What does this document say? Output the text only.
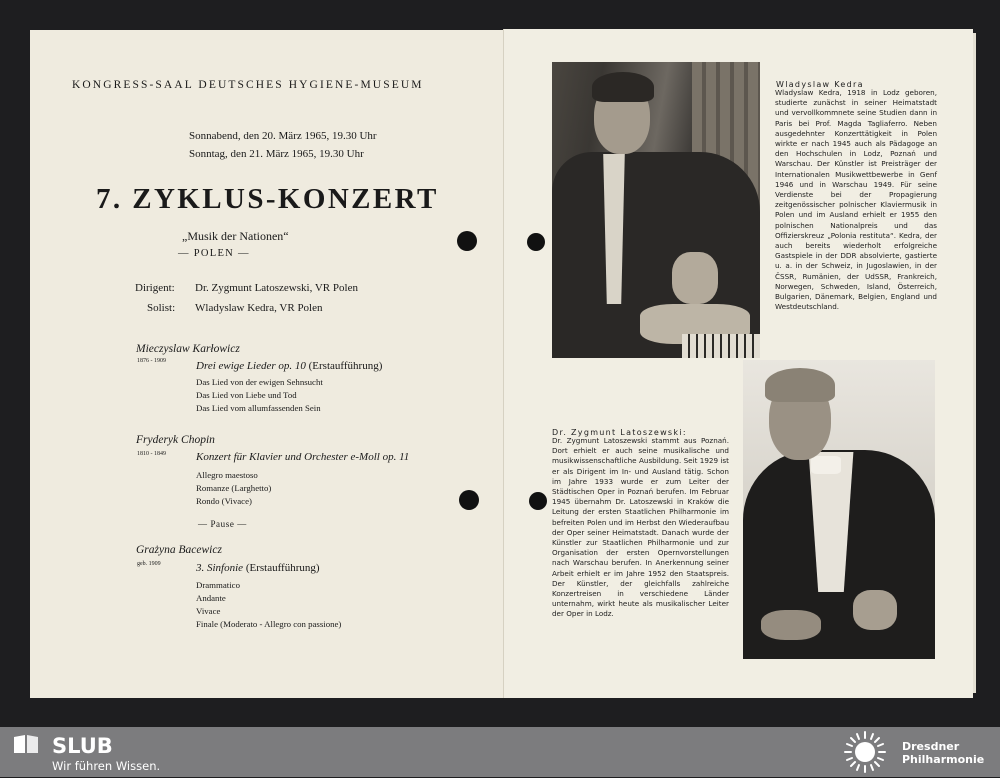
KONGRESS-SAAL DEUTSCHES HYGIENE-MUSEUM

Sonnabend, den 20. März 1965, 19.30 Uhr

Sonntag, den 21. März 1965, 19.30 Uhr

7. ZYKLUS-KONZERT

„Musik der Nationen“

— POLEN —

Dirigent: Dr. Zygmunt Latoszewski, VR Polen

Solist: Wladyslaw Kedra, VR Polen

Mieczyslaw Karłowicz

1876 - 1909	Drei ewige Lieder op. 10 (Erstaufführung)

Das Lied von der ewigen Sehnsucht

Das Lied von Liebe und Tod

Das Lied vom allumfassenden Sein

Fryderyk Chopin

1810 - 1849	Konzert für Klavier und Orchester e-Moll op. 11

Allegro maestoso

Romanze (Larghetto)

Rondo (Vivace)

— Pause —

Grażyna Bacewicz

geb. 1909	3. Sinfonie (Erstaufführung)

Drammatico

Andante

Vivace

Finale (Moderato - Allegro con passione)

Wladyslaw Kedra

Wladyslaw Kedra, 1918 in Lodz geboren, studierte zunächst in seiner Heimatstadt und vervollkommnete seine Studien dann in Paris bei Prof. Magda Tagliaferro. Neben ausgedehnter Konzerttätigkeit in Polen wirkte er nach 1945 auch als Pädagoge an den Hochschulen in Lodz, Poznań und Warschau. Der Künstler ist Preisträger der Internationalen Musikwettbewerbe in Genf 1946 und in Warschau 1949. Für seine Verdienste bei der Propagierung zeitgenössischer polnischer Klaviermusik in Polen und im Ausland erhielt er 1955 den polnischen Nationalpreis und das Offizierskreuz „Polonia restituta“. Kedra, der auch bereits wiederholt erfolgreiche Gastspiele in der DDR absolvierte, gastierte u. a. in der Schweiz, in Jugoslawien, in der ČSSR, Rumänien, der UdSSR, Frankreich, Norwegen, Schweden, Island, Österreich, Bulgarien, Dänemark, Belgien, England und Westdeutschland.

Dr. Zygmunt Latoszewski:

Dr. Zygmunt Latoszewski stammt aus Poznań. Dort erhielt er auch seine musikalische und musikwissenschaftliche Ausbildung. Seit 1929 ist er als Dirigent im In- und Ausland tätig. Schon im Jahre 1933 wurde er zum Leiter der Städtischen Oper in Poznań berufen. Im Februar 1945 übernahm Dr. Latoszewski in Kraków die Leitung der ersten Staatlichen Philharmonie im befreiten Polen und im Herbst den Wiederaufbau der Oper seiner Heimatstadt. Danach wurde der Künstler zur Staatlichen Philharmonie und zur Organisation der ersten Opernvorstellungen nach Warschau berufen. In Anerkennung seiner Arbeit erhielt er im Jahre 1952 den Staatspreis. Der Künstler, der gleichfalls zahlreiche Konzertreisen in verschiedene Länder unternahm, wirkt heute als musikalischer Leiter der Oper in Lodz.

SLUB

Wir führen Wissen.

Dresdner
Philharmonie
